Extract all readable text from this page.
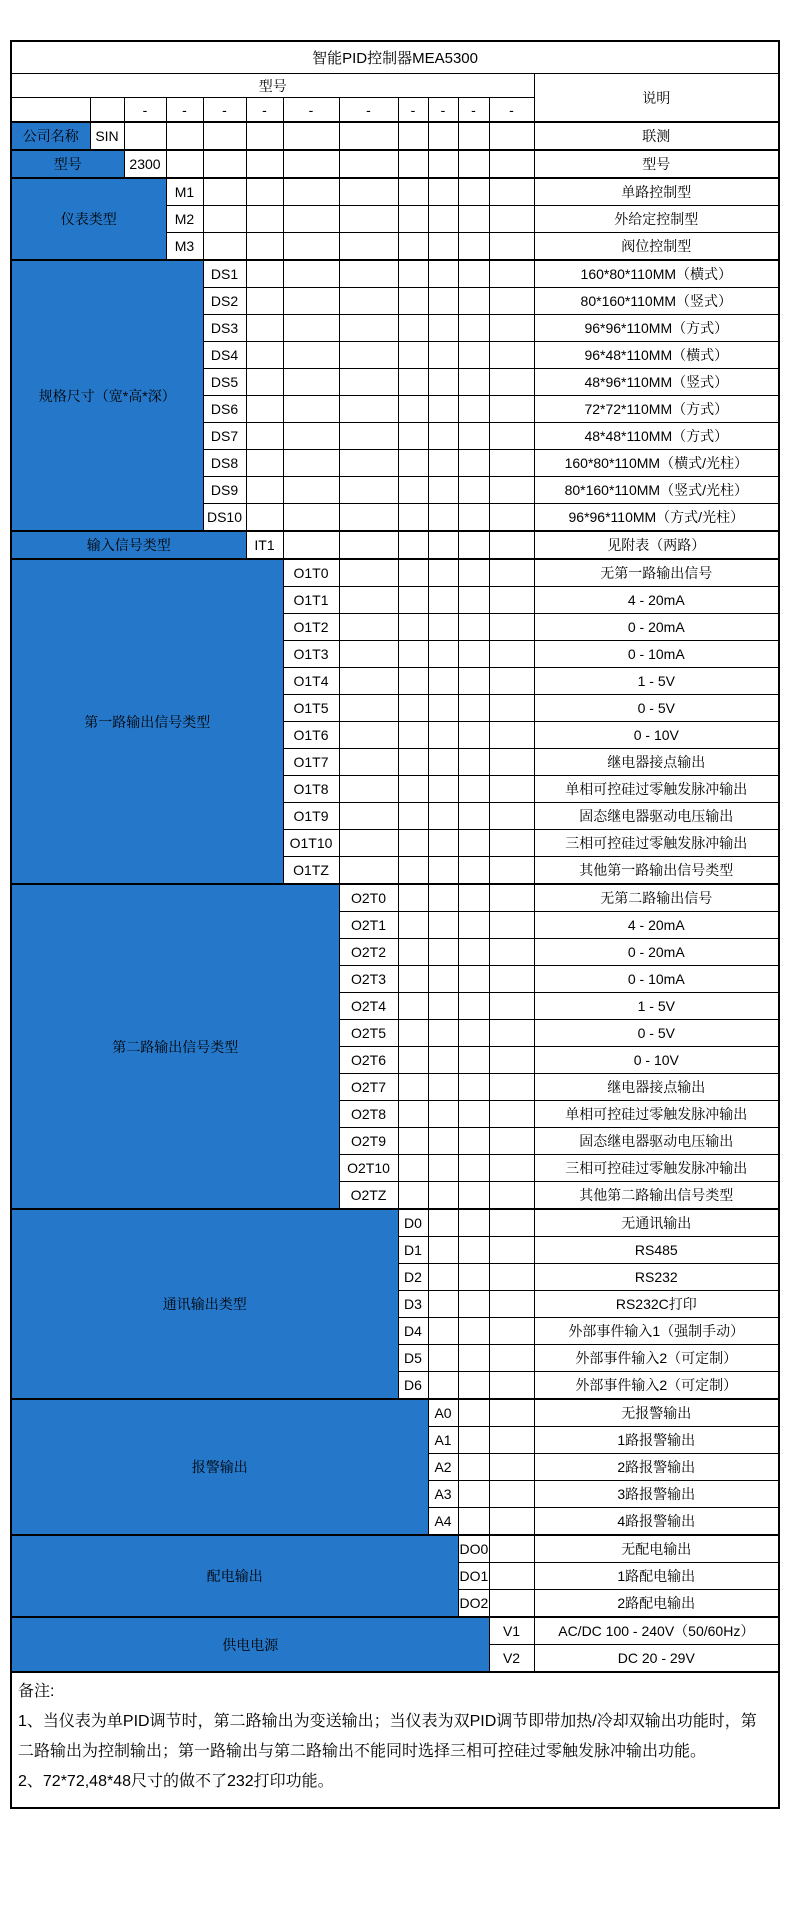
智能PID控制器MEA5300												
型号												说明
		-	-	-	-	-	-	-	-	-	-	
公司名称	SIN											联测
型号		2300										型号
仪表类型			M1									单路控制型
			M2									外给定控制型
			M3									阀位控制型
规格尺寸（宽*高*深）				DS1								160*80*110MM（横式）
				DS2								80*160*110MM（竖式）
				DS3								96*96*110MM（方式）
				DS4								96*48*110MM（横式）
				DS5								48*96*110MM（竖式）
				DS6								72*72*110MM（方式）
				DS7								48*48*110MM（方式）
				DS8								160*80*110MM（横式/光柱）
				DS9								80*160*110MM（竖式/光柱）
				DS10								96*96*110MM（方式/光柱）
输入信号类型					IT1							见附表（两路）
第一路输出信号类型						O1T0						无第一路输出信号
						O1T1						4 - 20mA
						O1T2						0 - 20mA
						O1T3						0 - 10mA
						O1T4						1 - 5V
						O1T5						0 - 5V
						O1T6						0 - 10V
						O1T7						继电器接点输出
						O1T8						单相可控硅过零触发脉冲输出
						O1T9						固态继电器驱动电压输出
						O1T10						三相可控硅过零触发脉冲输出
						O1TZ						其他第一路输出信号类型
第二路输出信号类型							O2T0					无第二路输出信号
							O2T1					4 - 20mA
							O2T2					0 - 20mA
							O2T3					0 - 10mA
							O2T4					1 - 5V
							O2T5					0 - 5V
							O2T6					0 - 10V
							O2T7					继电器接点输出
							O2T8					单相可控硅过零触发脉冲输出
							O2T9					固态继电器驱动电压输出
							O2T10					三相可控硅过零触发脉冲输出
							O2TZ					其他第二路输出信号类型
通讯输出类型								D0				无通讯输出
								D1				RS485
								D2				RS232
								D3				RS232C打印
								D4				外部事件输入1（强制手动）
								D5				外部事件输入2（可定制）
								D6				外部事件输入2（可定制）
报警输出									A0			无报警输出
									A1			1路报警输出
									A2			2路报警输出
									A3			3路报警输出
									A4			4路报警输出
配电输出										DO0		无配电输出
										DO1		1路配电输出
										DO2		2路配电输出
供电电源											V1	AC/DC 100 - 240V（50/60Hz）
											V2	DC 20 - 29V

备注:
1、当仪表为单PID调节时，第二路输出为变送输出；当仪表为双PID调节即带加热/冷却双输出功能时，第二路输出为控制输出；第一路输出与第二路输出不能同时选择三相可控硅过零触发脉冲输出功能。
2、72*72,48*48尺寸的做不了232打印功能。												
